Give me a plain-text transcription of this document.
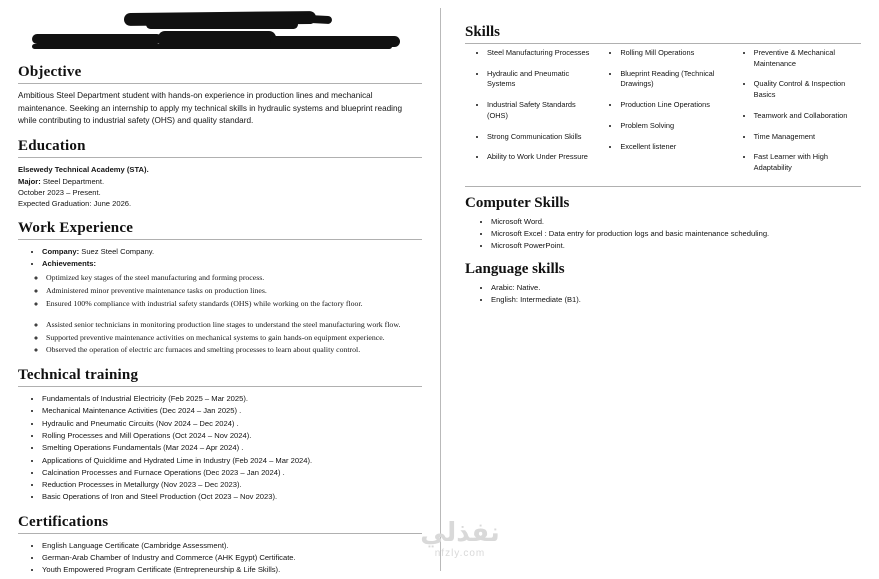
Objective

Ambitious Steel Department student with hands-on experience in production lines and mechanical maintenance. Seeking an internship to apply my technical skills in hydraulic systems and blueprint reading while contributing to industrial safety (OHS) and quality standard.

Education
Elsewedy Technical Academy (STA).
Major: Steel Department.
October 2023 – Present.
Expected Graduation: June 2026.
Work Experience
• Company: Suez Steel Company.
• Achievements:
◦ Optimized key stages of the steel manufacturing and forming process.
◦ Administered minor preventive maintenance tasks on production lines.
◦ Ensured 100% compliance with industrial safety standards (OHS) while working on the factory floor.
◦ Assisted senior technicians in monitoring production line stages to understand the steel manufacturing work flow.
◦ Supported preventive maintenance activities on mechanical systems to gain hands-on equipment experience.
◦ Observed the operation of electric arc furnaces and smelting processes to learn about quality control.
Technical training
• Fundamentals of Industrial Electricity (Feb 2025 – Mar 2025).
• Mechanical Maintenance Activities (Dec 2024 – Jan 2025) .
• Hydraulic and Pneumatic Circuits (Nov 2024 – Dec 2024) .
• Rolling Processes and Mill Operations (Oct 2024 – Nov 2024).
• Smelting Operations Fundamentals (Mar 2024 – Apr 2024) .
• Applications of Quicklime and Hydrated Lime in Industry (Feb 2024 – Mar 2024).
• Calcination Processes and Furnace Operations (Dec 2023 – Jan 2024) .
• Reduction Processes in Metallurgy (Nov 2023 – Dec 2023).
• Basic Operations of Iron and Steel Production (Oct 2023 – Nov 2023).
Certifications
• English Language Certificate (Cambridge Assessment).
• German-Arab Chamber of Industry and Commerce (AHK Egypt) Certificate.
• Youth Empowered Program Certificate (Entrepreneurship & Life Skills).
Skills
• Steel Manufacturing Processes
• Hydraulic and Pneumatic Systems
• Industrial Safety Standards (OHS)
• Strong Communication Skills
• Ability to Work Under Pressure
• Rolling Mill Operations
• Blueprint Reading (Technical Drawings)
• Production Line Operations
• Problem Solving
• Excellent listener
• Preventive & Mechanical Maintenance
• Quality Control & Inspection Basics
• Teamwork and Collaboration
• Time Management
• Fast Learner with High Adaptability
Computer Skills
• Microsoft Word.
• Microsoft Excel : Data entry for production logs and basic maintenance scheduling.
• Microsoft PowerPoint.
Language skills
• Arabic: Native.
• English: Intermediate (B1).
نفذلي
nfzly.com
